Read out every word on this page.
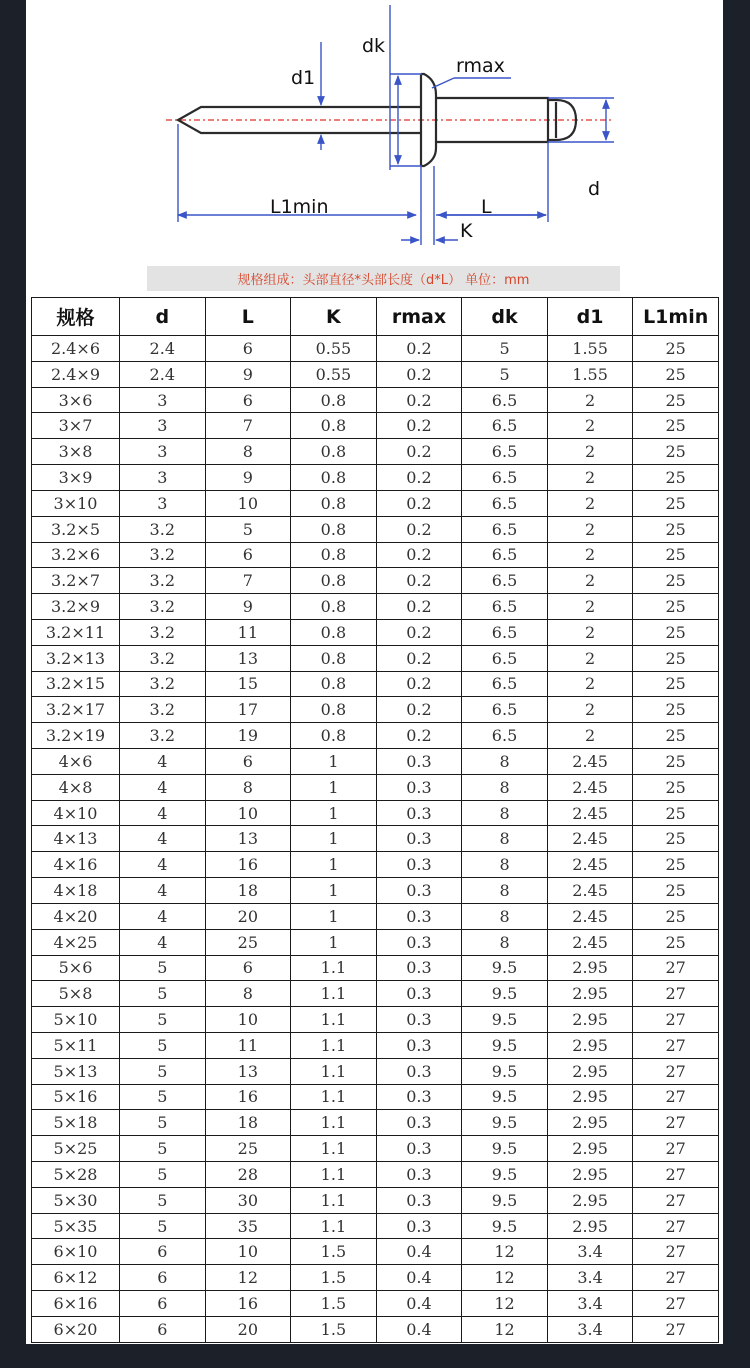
dk
d1
rmax
d
L1min	L
K
规格组成：头部直径*头部长度（d*L） 单位：mm
规格	d	L	K	rmax	dk	d1	L1min
2.4×6	2.4	6	0.55	0.2	5	1.55	25
2.4×9	2.4	9	0.55	0.2	5	1.55	25
3×6	3	6	0.8	0.2	6.5	2	25
3×7	3	7	0.8	0.2	6.5	2	25
3×8	3	8	0.8	0.2	6.5	2	25
3×9	3	9	0.8	0.2	6.5	2	25
3×10	3	10	0.8	0.2	6.5	2	25
3.2×5	3.2	5	0.8	0.2	6.5	2	25
3.2×6	3.2	6	0.8	0.2	6.5	2	25
3.2×7	3.2	7	0.8	0.2	6.5	2	25
3.2×9	3.2	9	0.8	0.2	6.5	2	25
3.2×11	3.2	11	0.8	0.2	6.5	2	25
3.2×13	3.2	13	0.8	0.2	6.5	2	25
3.2×15	3.2	15	0.8	0.2	6.5	2	25
3.2×17	3.2	17	0.8	0.2	6.5	2	25
3.2×19	3.2	19	0.8	0.2	6.5	2	25
4×6	4	6	1	0.3	8	2.45	25
4×8	4	8	1	0.3	8	2.45	25
4×10	4	10	1	0.3	8	2.45	25
4×13	4	13	1	0.3	8	2.45	25
4×16	4	16	1	0.3	8	2.45	25
4×18	4	18	1	0.3	8	2.45	25
4×20	4	20	1	0.3	8	2.45	25
4×25	4	25	1	0.3	8	2.45	25
5×6	5	6	1.1	0.3	9.5	2.95	27
5×8	5	8	1.1	0.3	9.5	2.95	27
5×10	5	10	1.1	0.3	9.5	2.95	27
5×11	5	11	1.1	0.3	9.5	2.95	27
5×13	5	13	1.1	0.3	9.5	2.95	27
5×16	5	16	1.1	0.3	9.5	2.95	27
5×18	5	18	1.1	0.3	9.5	2.95	27
5×25	5	25	1.1	0.3	9.5	2.95	27
5×28	5	28	1.1	0.3	9.5	2.95	27
5×30	5	30	1.1	0.3	9.5	2.95	27
5×35	5	35	1.1	0.3	9.5	2.95	27
6×10	6	10	1.5	0.4	12	3.4	27
6×12	6	12	1.5	0.4	12	3.4	27
6×16	6	16	1.5	0.4	12	3.4	27
6×20	6	20	1.5	0.4	12	3.4	27
